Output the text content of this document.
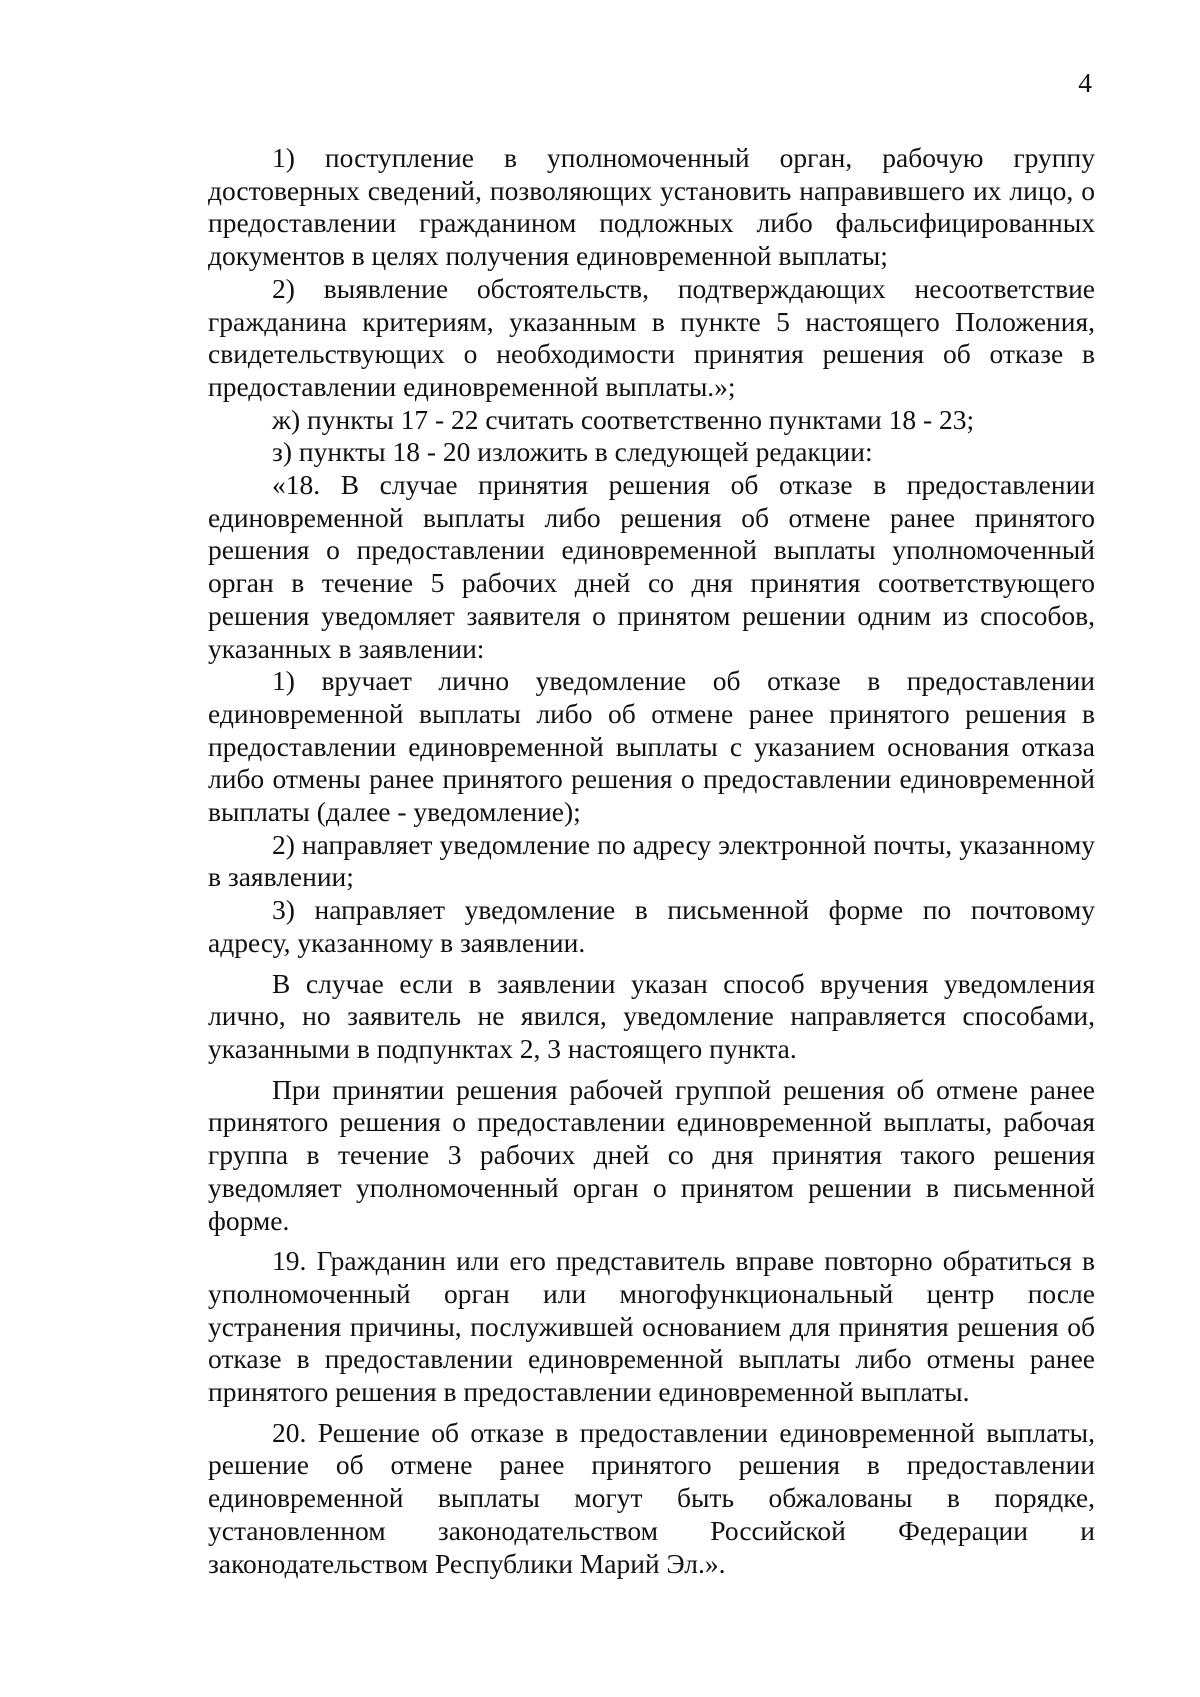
4

1) поступление в уполномоченный орган, рабочую группу достоверных сведений, позволяющих установить направившего их лицо, о предоставлении гражданином подложных либо фальсифицированных документов в целях получения единовременной выплаты;

2) выявление обстоятельств, подтверждающих несоответствие гражданина критериям, указанным в пункте 5 настоящего Положения, свидетельствующих о необходимости принятия решения об отказе в предоставлении единовременной выплаты.»;

ж) пункты 17 - 22 считать соответственно пунктами 18 - 23;

з) пункты 18 - 20 изложить в следующей редакции:

«18. В случае принятия решения об отказе в предоставлении единовременной выплаты либо решения об отмене ранее принятого решения о предоставлении единовременной выплаты уполномоченный орган в течение 5 рабочих дней со дня принятия соответствующего решения уведомляет заявителя о принятом решении одним из способов, указанных в заявлении:

1) вручает лично уведомление об отказе в предоставлении единовременной выплаты либо об отмене ранее принятого решения в предоставлении единовременной выплаты с указанием основания отказа либо отмены ранее принятого решения о предоставлении единовременной выплаты (далее - уведомление);

2) направляет уведомление по адресу электронной почты, указанному в заявлении;

3) направляет уведомление в письменной форме по почтовому адресу, указанному в заявлении.

В случае если в заявлении указан способ вручения уведомления лично, но заявитель не явился, уведомление направляется способами, указанными в подпунктах 2, 3 настоящего пункта.

При принятии решения рабочей группой решения об отмене ранее принятого решения о предоставлении единовременной выплаты, рабочая группа в течение 3 рабочих дней со дня принятия такого решения уведомляет уполномоченный орган о принятом решении в письменной форме.

19. Гражданин или его представитель вправе повторно обратиться в уполномоченный орган или многофункциональный центр после устранения причины, послужившей основанием для принятия решения об отказе в предоставлении единовременной выплаты либо отмены ранее принятого решения в предоставлении единовременной выплаты.

20. Решение об отказе в предоставлении единовременной выплаты, решение об отмене ранее принятого решения в предоставлении единовременной выплаты могут быть обжалованы в порядке, установленном законодательством Российской Федерации и законодательством Республики Марий Эл.».
